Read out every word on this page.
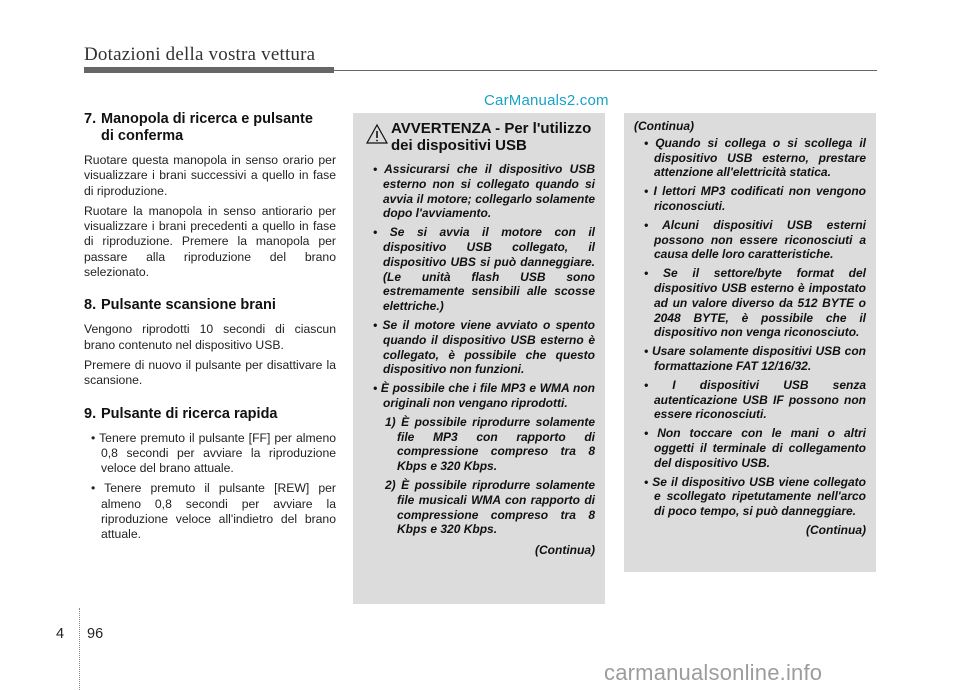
Dotazioni della vostra vettura
CarManuals2.com
7. Manopola di ricerca e pulsante
di conferma

Ruotare questa manopola in senso orario per visualizzare i brani successivi a quello in fase di riproduzione.

Ruotare la manopola in senso antiorario per visualizzare i brani precedenti a quello in fase di riproduzione. Premere la manopola per passare alla riproduzione del brano selezionato.

8. Pulsante scansione brani

Vengono riprodotti 10 secondi di ciascun brano contenuto nel dispositivo USB.

Premere di nuovo il pulsante per disattivare la scansione.

9. Pulsante di ricerca rapida
• Tenere premuto il pulsante [FF] per almeno 0,8 secondi per avviare la riproduzione veloce del brano attuale.
• Tenere premuto il pulsante [REW] per almeno 0,8 secondi per avviare la riproduzione veloce all'indietro del brano attuale.
AVVERTENZA - Per l'utilizzo dei dispositivi USB
• Assicurarsi che il dispositivo USB esterno non si collegato quando si avvia il motore; collegarlo solamente dopo l'avviamento.
• Se si avvia il motore con il dispositivo USB collegato, il dispositivo UBS si può danneggiare. (Le unità flash USB sono estremamente sensibili alle scosse elettriche.)
• Se il motore viene avviato o spento quando il dispositivo USB esterno è collegato, è possibile che questo dispositivo non funzioni.
• È possibile che i file MP3 e WMA non originali non vengano riprodotti.
1) È possibile riprodurre solamente file MP3 con rapporto di compressione compreso tra 8 Kbps e 320 Kbps.
2) È possibile riprodurre solamente file musicali WMA con rapporto di compressione compreso tra 8 Kbps e 320 Kbps.
(Continua)
(Continua)
• Quando si collega o si scollega il dispositivo USB esterno, prestare attenzione all'elettricità statica.
• I lettori MP3 codificati non vengono riconosciuti.
• Alcuni dispositivi USB esterni possono non essere riconosciuti a causa delle loro caratteristiche.
• Se il settore/byte format del dispositivo USB esterno è impostato ad un valore diverso da 512 BYTE o 2048 BYTE, è possibile che il dispositivo non venga riconosciuto.
• Usare solamente dispositivi USB con formattazione FAT 12/16/32.
• I dispositivi USB senza autenticazione USB IF possono non essere riconosciuti.
• Non toccare con le mani o altri oggetti il terminale di collegamento del dispositivo USB.
• Se il dispositivo USB viene collegato e scollegato ripetutamente nell'arco di poco tempo, si può danneggiare.
(Continua)
4 96
carmanualsonline.info
